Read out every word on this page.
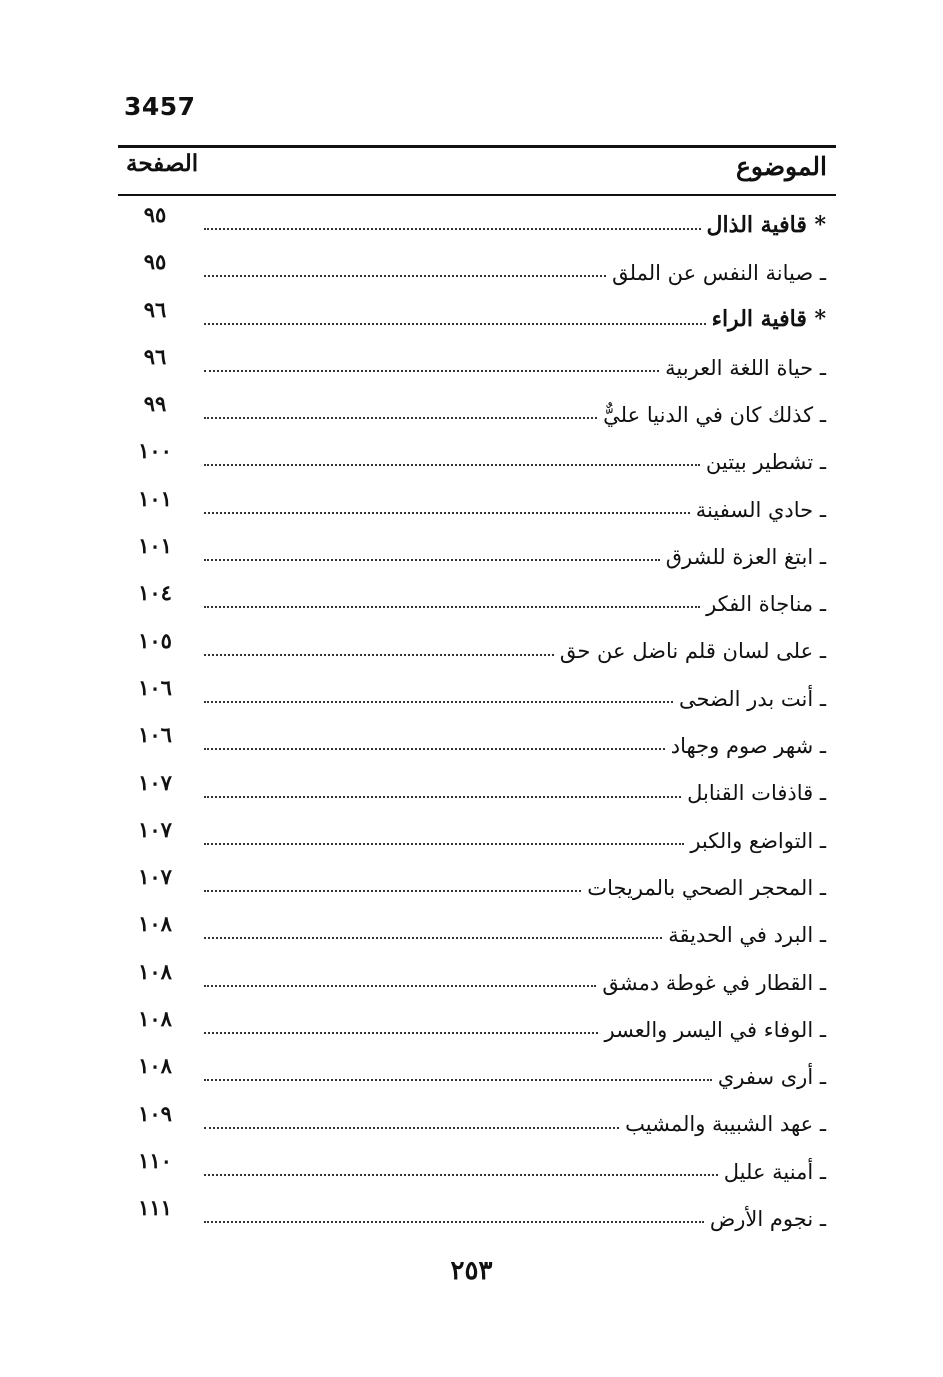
3457
الموضوع
الصفحة
* قافية الذال
٩٥
ـ صيانة النفس عن الملق
٩٥
* قافية الراء
٩٦
ـ حياة اللغة العربية
٩٦
ـ كذلك كان في الدنيا عليٌّ
٩٩
ـ تشطير بيتين
١٠٠
ـ حادي السفينة
١٠١
ـ ابتغ العزة للشرق
١٠١
ـ مناجاة الفكر
١٠٤
ـ على لسان قلم ناضل عن حق
١٠٥
ـ أنت بدر الضحى
١٠٦
ـ شهر صوم وجهاد
١٠٦
ـ قاذفات القنابل
١٠٧
ـ التواضع والكبر
١٠٧
ـ المحجر الصحي بالمريجات
١٠٧
ـ البرد في الحديقة
١٠٨
ـ القطار في غوطة دمشق
١٠٨
ـ الوفاء في اليسر والعسر
١٠٨
ـ أرى سفري
١٠٨
ـ عهد الشبيبة والمشيب
١٠٩
ـ أمنية عليل
١١٠
ـ نجوم الأرض
١١١
٢٥٣
